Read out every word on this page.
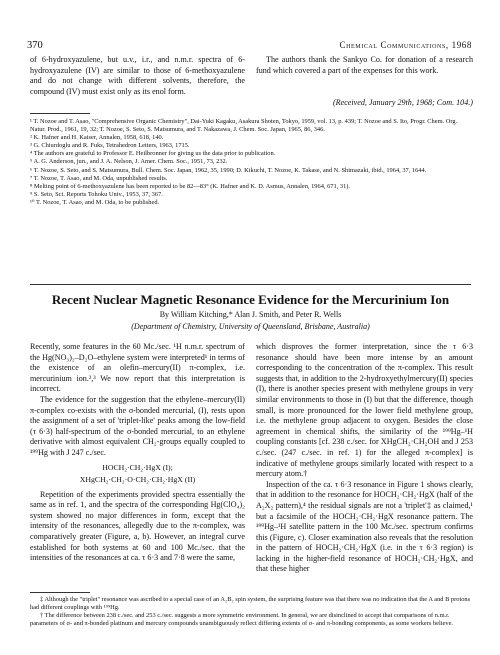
370	Chemical Communications, 1968
of 6-hydroxyazulene, but u.v., i.r., and n.m.r. spectra of 6-hydroxyazulene (IV) are similar to those of 6-methoxyazulene and do not change with different solvents, therefore, the compound (IV) must exist only as its enol form.
The authors thank the Sankyo Co. for donation of a research fund which covered a part of the expenses for this work.
(Received, January 29th, 1968; Com. 104.)
¹ T. Nozoe and T. Asao, "Comprehensive Organic Chemistry", Dai-Yuki Kagaku, Asakura Shoten, Tokyo, 1959, vol. 13, p. 439; T. Nozoe and S. Ito, Progr. Chem. Org. Natur. Prod., 1961, 19, 32; T. Nozoe, S. Seto, S. Matsumura, and T. Nakazawa, J. Chem. Soc. Japan, 1965, 86, 346.
² K. Hafner and H. Kaiser, Annalen, 1958, 618, 140.
³ G. Chiurdoglu and R. Fuks, Tetrahedron Letters, 1963, 1715.
⁴ The authors are grateful to Professor E. Heilbronner for giving us the data prior to publication.
⁵ A. G. Anderson, jun., and J. A. Nelson, J. Amer. Chem. Soc., 1951, 73, 232.
⁶ T. Nozoe, S. Seto, and S. Matsumura, Bull. Chem. Soc. Japan, 1962, 35, 1990; D. Kikuchi, T. Nozoe, K. Takase, and N. Shimazaki, ibid., 1964, 37, 1644.
⁷ T. Nozoe, T. Asao, and M. Oda, unpublished results.
⁸ Melting point of 6-methoxyazulene has been reported to be 82—83° (K. Hafner and K. D. Asmus, Annalen, 1964, 671, 31).
⁹ S. Seto, Sci. Reports Tohoku Univ., 1953, 37, 367.
¹⁰ T. Nozoe, T. Asao, and M. Oda, to be published.
Recent Nuclear Magnetic Resonance Evidence for the Mercurinium Ion
By William Kitching,* Alan J. Smith, and Peter R. Wells
(Department of Chemistry, University of Queensland, Brisbane, Australia)

Recently, some features in the 60 Mc./sec. ¹H n.m.r. spectrum of the Hg(NO₃)₂–D₂O–ethylene system were interpreted¹ in terms of the existence of an olefin–mercury(II) π-complex, i.e. mercurinium ion.²,³ We now report that this interpretation is incorrect.

The evidence for the suggestion that the ethylene–mercury(II) π-complex co-exists with the σ-bonded mercurial, (I), rests upon the assignment of a set of 'triplet-like' peaks among the low-field (τ 6·3) half-spectrum of the σ-bonded mercurial, to an ethylene derivative with almost equivalent CH₂-groups equally coupled to ¹⁹⁹Hg with J 247 c./sec.

HOCH₂·CH₂·HgX (I);
XHgCH₂·CH₂·O·CH₂·CH₂·HgX (II)

Repetition of the experiments provided spectra essentially the same as in ref. 1, and the spectra of the corresponding Hg(ClO₄)₂ system showed no major differences in form, except that the intensity of the resonances, allegedly due to the π-complex, was comparatively greater (Figure, a, b). However, an integral curve established for both systems at 60 and 100 Mc./sec. that the intensities of the resonances at ca. τ 6·3 and 7·8 were the same,

which disproves the former interpretation, since the τ 6·3 resonance should have been more intense by an amount corresponding to the concentration of the π-complex. This result suggests that, in addition to the 2-hydroxyethylmercury(II) species (I), there is another species present with methylene groups in very similar environments to those in (I) but that the difference, though small, is more pronounced for the lower field methylene group, i.e. the methylene group adjacent to oxygen. Besides the close agreement in chemical shifts, the similarity of the ¹⁹⁹Hg–¹H coupling constants [cf. 238 c./sec. for XHgCH₂·CH₂OH and J 253 c./sec. (247 c./sec. in ref. 1) for the alleged π-complex] is indicative of methylene groups similarly located with respect to a mercury atom.†

Inspection of the ca. τ 6·3 resonance in Figure 1 shows clearly, that in addition to the resonance for HOCH₂·CH₂·HgX (half of the A₂X₂ pattern),⁴ the residual signals are not a 'triplet'‡ as claimed,¹ but a facsimile of the HOCH₂·CH₂·HgX resonance pattern. The ¹⁹⁹Hg–¹H satellite pattern in the 100 Mc./sec. spectrum confirms this (Figure, c). Closer examination also reveals that the resolution in the pattern of HOCH₂·CH₂·HgX (i.e. in the τ 6·3 region) is lacking in the higher-field resonance of HOCH₂·CH₂·HgX, and that these higher

‡ Although the "triplet" resonance was ascribed to a special case of an A₂B₂ spin system, the surprising feature was that there was no indication that the A and B protons had different couplings with ¹⁹⁹Hg.
† The difference between 238 c./sec. and 253 c./sec. suggests a more symmetric environment. In general, we are disinclined to accept that comparisons of n.m.r. parameters of σ- and π-bonded platinum and mercury compounds unambiguously reflect differing extents of σ- and π-bonding components, as some workers believe.
